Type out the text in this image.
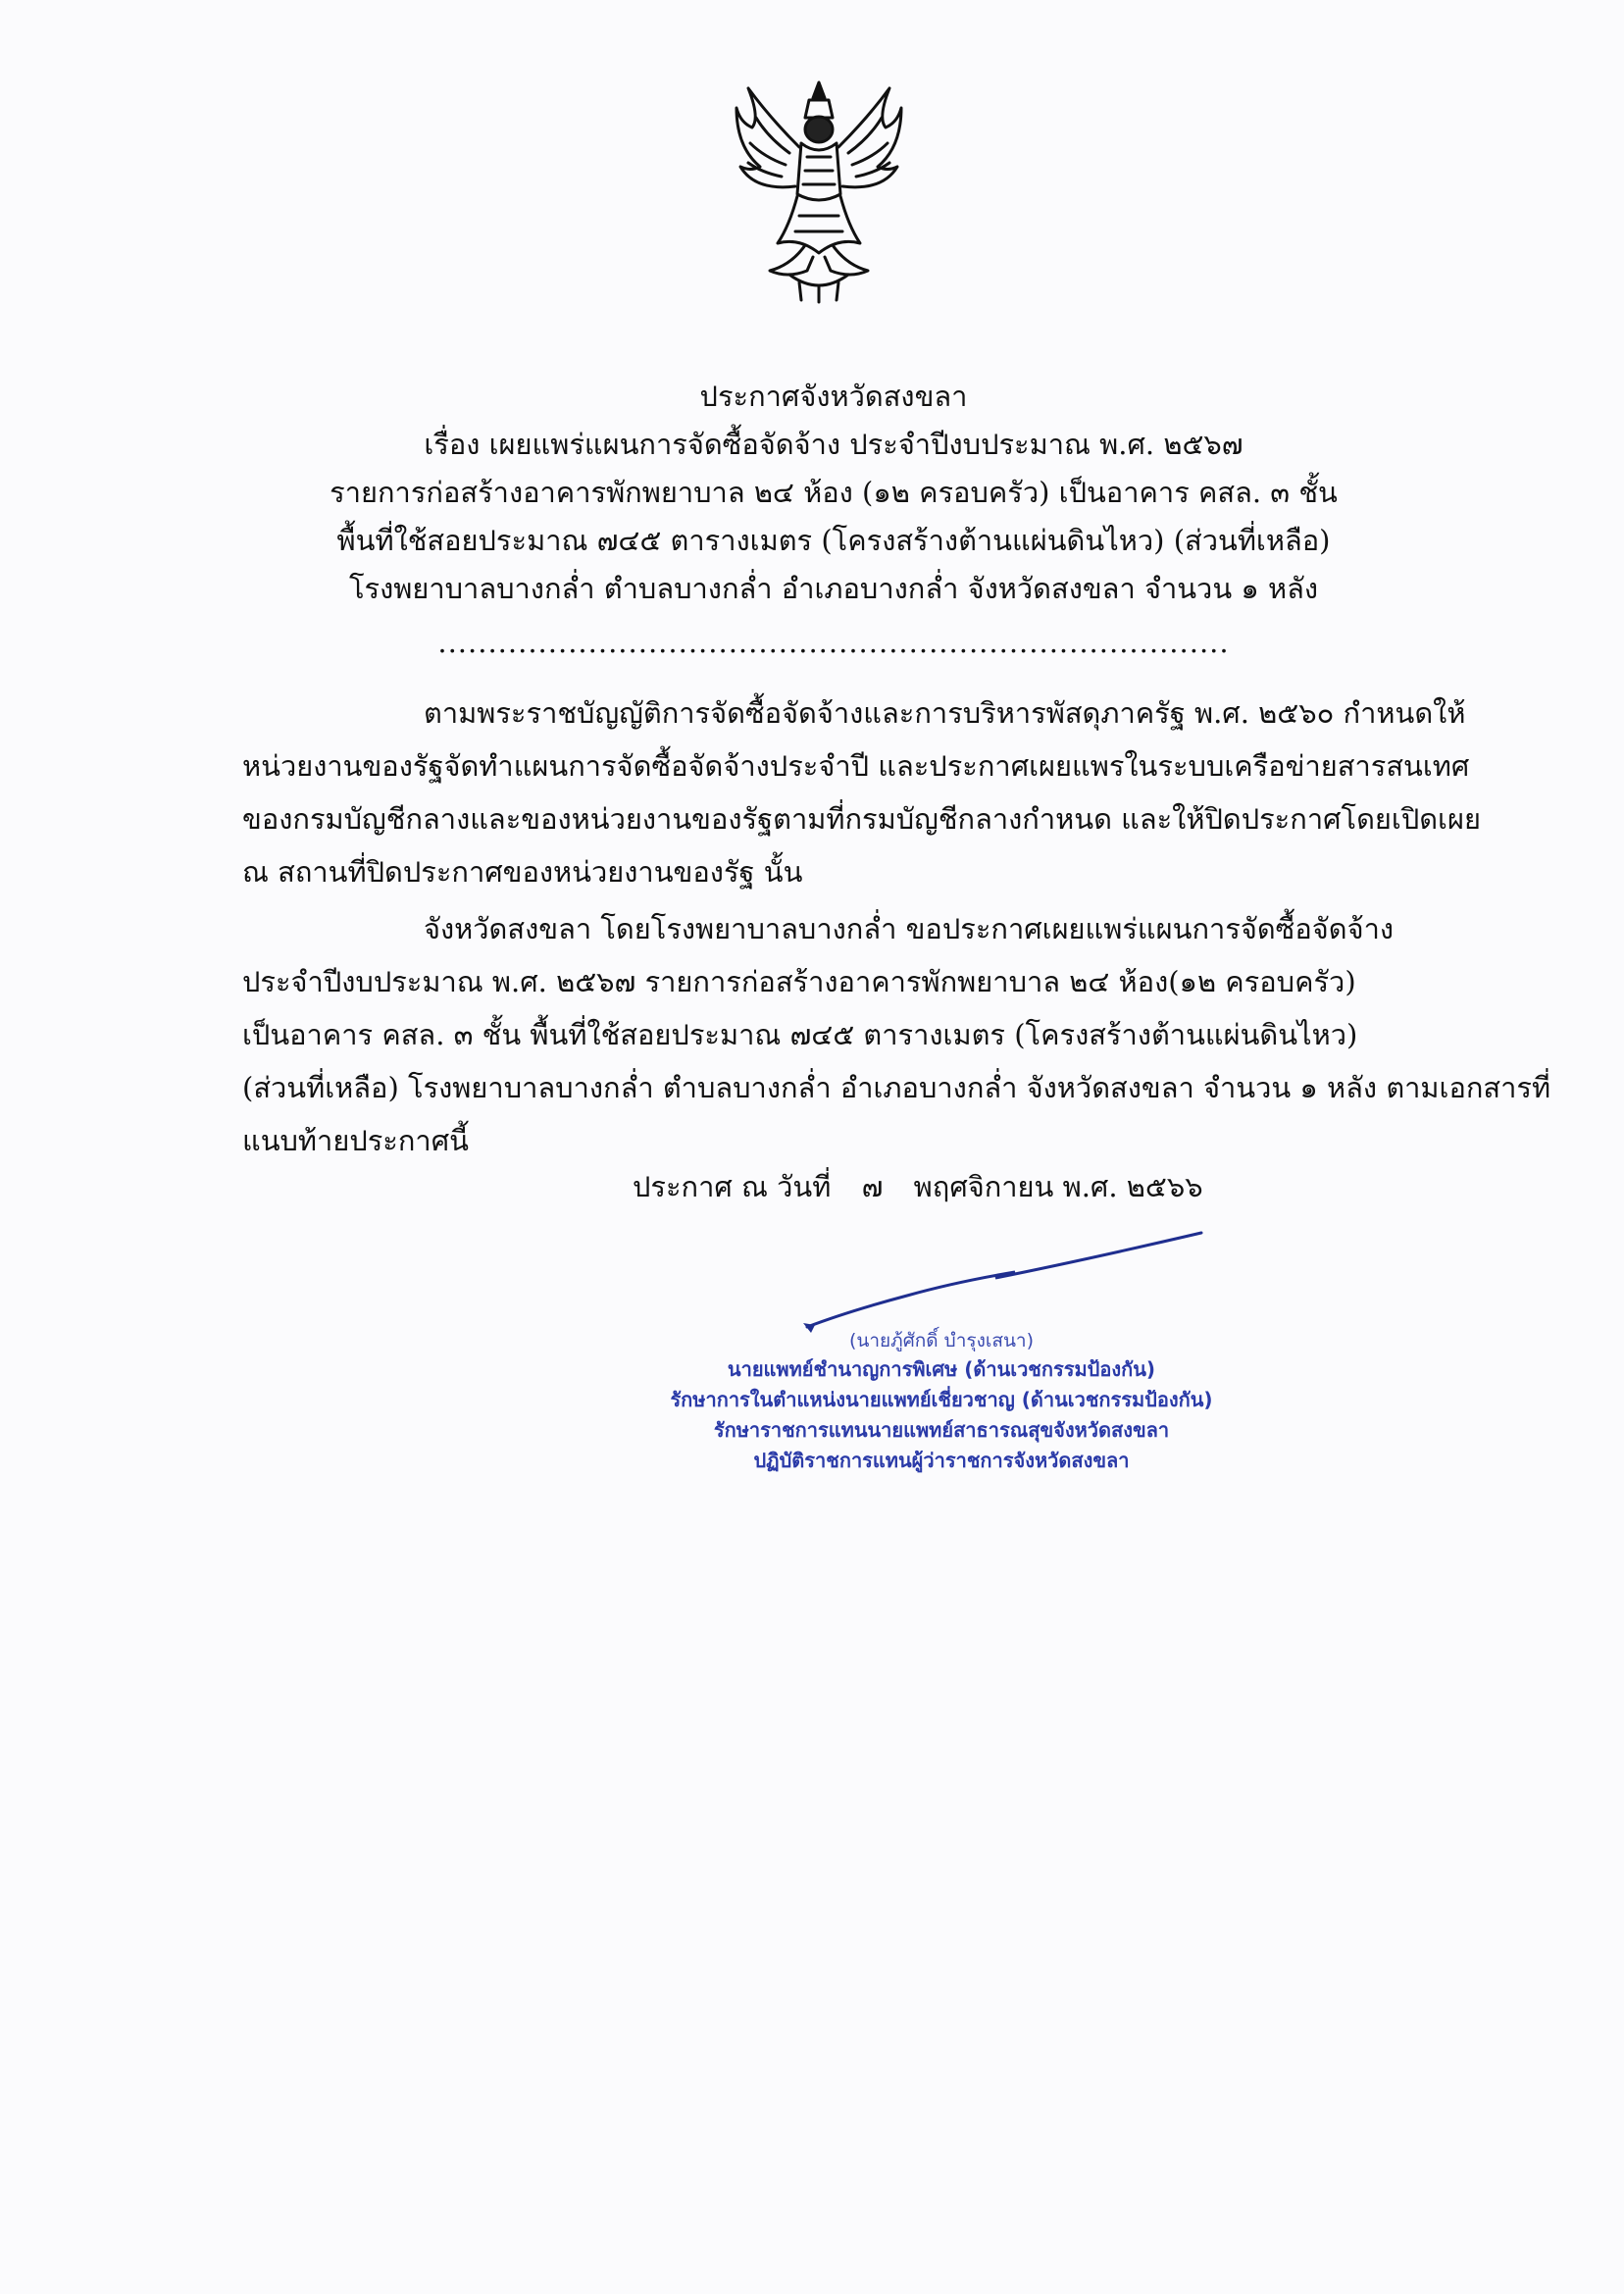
ประกาศจังหวัดสงขลา
เรื่อง เผยแพร่แผนการจัดซื้อจัดจ้าง ประจำปีงบประมาณ พ.ศ. ๒๕๖๗
รายการก่อสร้างอาคารพักพยาบาล ๒๔ ห้อง (๑๒ ครอบครัว) เป็นอาคาร คสล. ๓ ชั้น
พื้นที่ใช้สอยประมาณ ๗๔๕ ตารางเมตร (โครงสร้างต้านแผ่นดินไหว) (ส่วนที่เหลือ)
โรงพยาบาลบางกล่ำ ตำบลบางกล่ำ อำเภอบางกล่ำ จังหวัดสงขลา จำนวน ๑ หลัง
...............................................................................
ตามพระราชบัญญัติการจัดซื้อจัดจ้างและการบริหารพัสดุภาครัฐ พ.ศ. ๒๕๖๐ กำหนดให้
หน่วยงานของรัฐจัดทำแผนการจัดซื้อจัดจ้างประจำปี และประกาศเผยแพรในระบบเครือข่ายสารสนเทศ
ของกรมบัญชีกลางและของหน่วยงานของรัฐตามที่กรมบัญชีกลางกำหนด และให้ปิดประกาศโดยเปิดเผย
ณ สถานที่ปิดประกาศของหน่วยงานของรัฐ นั้น
จังหวัดสงขลา โดยโรงพยาบาลบางกล่ำ ขอประกาศเผยแพร่แผนการจัดซื้อจัดจ้าง
ประจำปีงบประมาณ พ.ศ. ๒๕๖๗ รายการก่อสร้างอาคารพักพยาบาล ๒๔ ห้อง(๑๒ ครอบครัว)
เป็นอาคาร คสล. ๓ ชั้น พื้นที่ใช้สอยประมาณ ๗๔๕ ตารางเมตร (โครงสร้างต้านแผ่นดินไหว)
(ส่วนที่เหลือ) โรงพยาบาลบางกล่ำ ตำบลบางกล่ำ อำเภอบางกล่ำ จังหวัดสงขลา จำนวน ๑ หลัง ตามเอกสารที่
แนบท้ายประกาศนี้
ประกาศ ณ วันที่ ๗ พฤศจิกายน พ.ศ. ๒๕๖๖
(นายภู้ศักดิ์ บำรุงเสนา)
นายแพทย์ชำนาญการพิเศษ (ด้านเวชกรรมป้องกัน)
รักษาการในตำแหน่งนายแพทย์เชี่ยวชาญ (ด้านเวชกรรมป้องกัน)
รักษาราชการแทนนายแพทย์สาธารณสุขจังหวัดสงขลา
ปฏิบัติราชการแทนผู้ว่าราชการจังหวัดสงขลา
